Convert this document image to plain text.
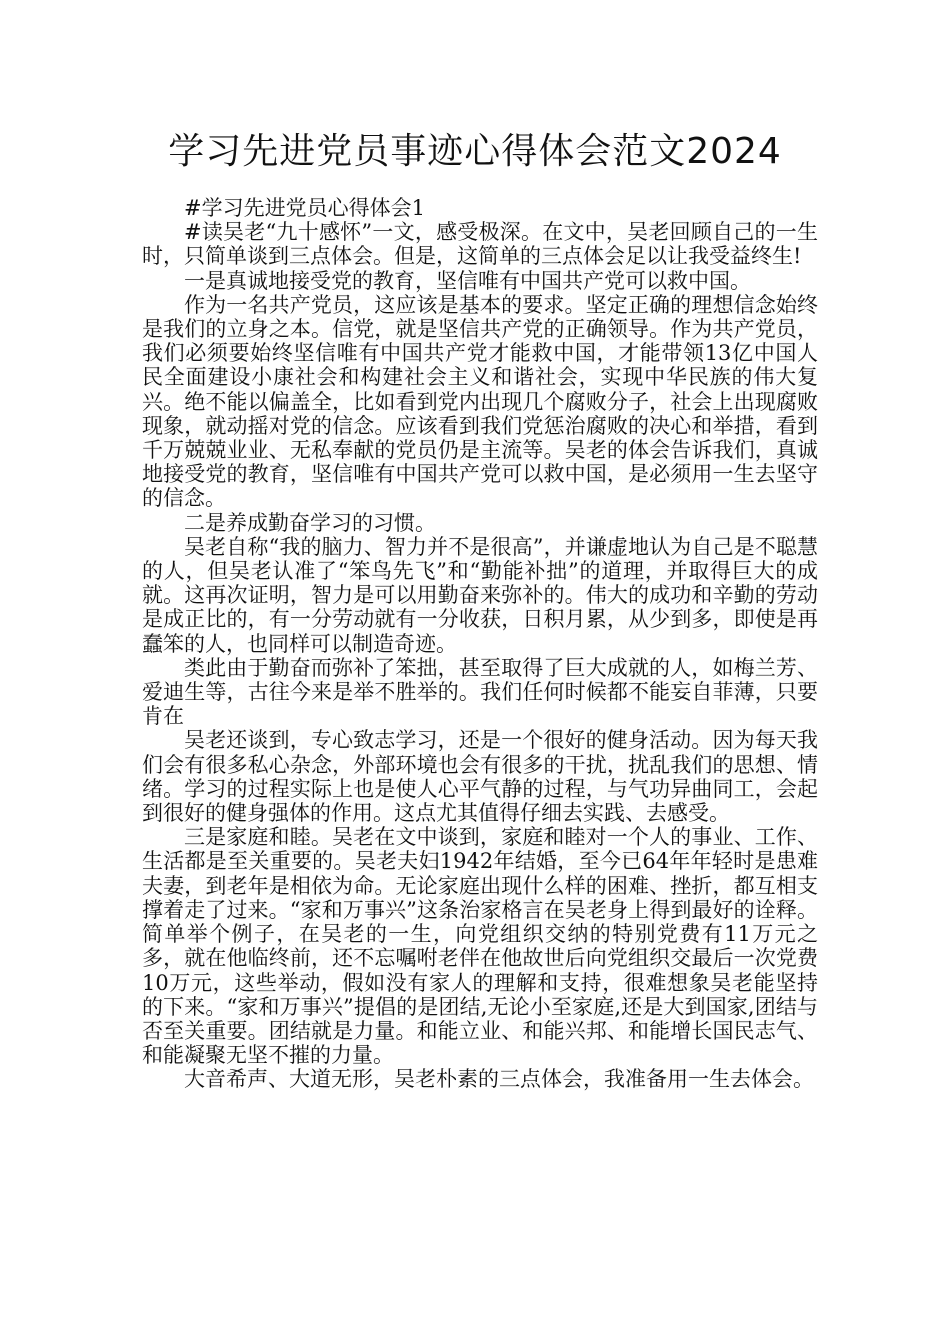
学习先进党员事迹心得体会范文2024

#学习先进党员心得体会1

#读吴老“九十感怀”一文，感受极深。在文中，吴老回顾自己的一生时，只简单谈到三点体会。但是，这简单的三点体会足以让我受益终生!

一是真诚地接受党的教育，坚信唯有中国共产党可以救中国。

作为一名共产党员，这应该是基本的要求。坚定正确的理想信念始终是我们的立身之本。信党，就是坚信共产党的正确领导。作为共产党员，我们必须要始终坚信唯有中国共产党才能救中国，才能带领13亿中国人民全面建设小康社会和构建社会主义和谐社会，实现中华民族的伟大复兴。绝不能以偏盖全，比如看到党内出现几个腐败分子，社会上出现腐败现象，就动摇对党的信念。应该看到我们党惩治腐败的决心和举措，看到千万兢兢业业、无私奉献的党员仍是主流等。吴老的体会告诉我们，真诚地接受党的教育，坚信唯有中国共产党可以救中国，是必须用一生去坚守的信念。

二是养成勤奋学习的习惯。

吴老自称“我的脑力、智力并不是很高”，并谦虚地认为自己是不聪慧的人，但吴老认准了“笨鸟先飞”和“勤能补拙”的道理，并取得巨大的成就。这再次证明，智力是可以用勤奋来弥补的。伟大的成功和辛勤的劳动是成正比的，有一分劳动就有一分收获，日积月累，从少到多，即使是再蠢笨的人，也同样可以制造奇迹。

类此由于勤奋而弥补了笨拙，甚至取得了巨大成就的人，如梅兰芳、爱迪生等，古往今来是举不胜举的。我们任何时候都不能妄自菲薄，只要肯在

吴老还谈到，专心致志学习，还是一个很好的健身活动。因为每天我们会有很多私心杂念，外部环境也会有很多的干扰，扰乱我们的思想、情绪。学习的过程实际上也是使人心平气静的过程，与气功异曲同工，会起到很好的健身强体的作用。这点尤其值得仔细去实践、去感受。

三是家庭和睦。吴老在文中谈到，家庭和睦对一个人的事业、工作、生活都是至关重要的。吴老夫妇1942年结婚，至今已64年年轻时是患难夫妻，到老年是相依为命。无论家庭出现什么样的困难、挫折，都互相支撑着走了过来。“家和万事兴”这条治家格言在吴老身上得到最好的诠释。简单举个例子，在吴老的一生，向党组织交纳的特别党费有11万元之多，就在他临终前，还不忘嘱咐老伴在他故世后向党组织交最后一次党费10万元，这些举动，假如没有家人的理解和支持，很难想象吴老能坚持的下来。“家和万事兴”提倡的是团结,无论小至家庭,还是大到国家,团结与否至关重要。团结就是力量。和能立业、和能兴邦、和能增长国民志气、和能凝聚无坚不摧的力量。

大音希声、大道无形，吴老朴素的三点体会，我准备用一生去体会。
